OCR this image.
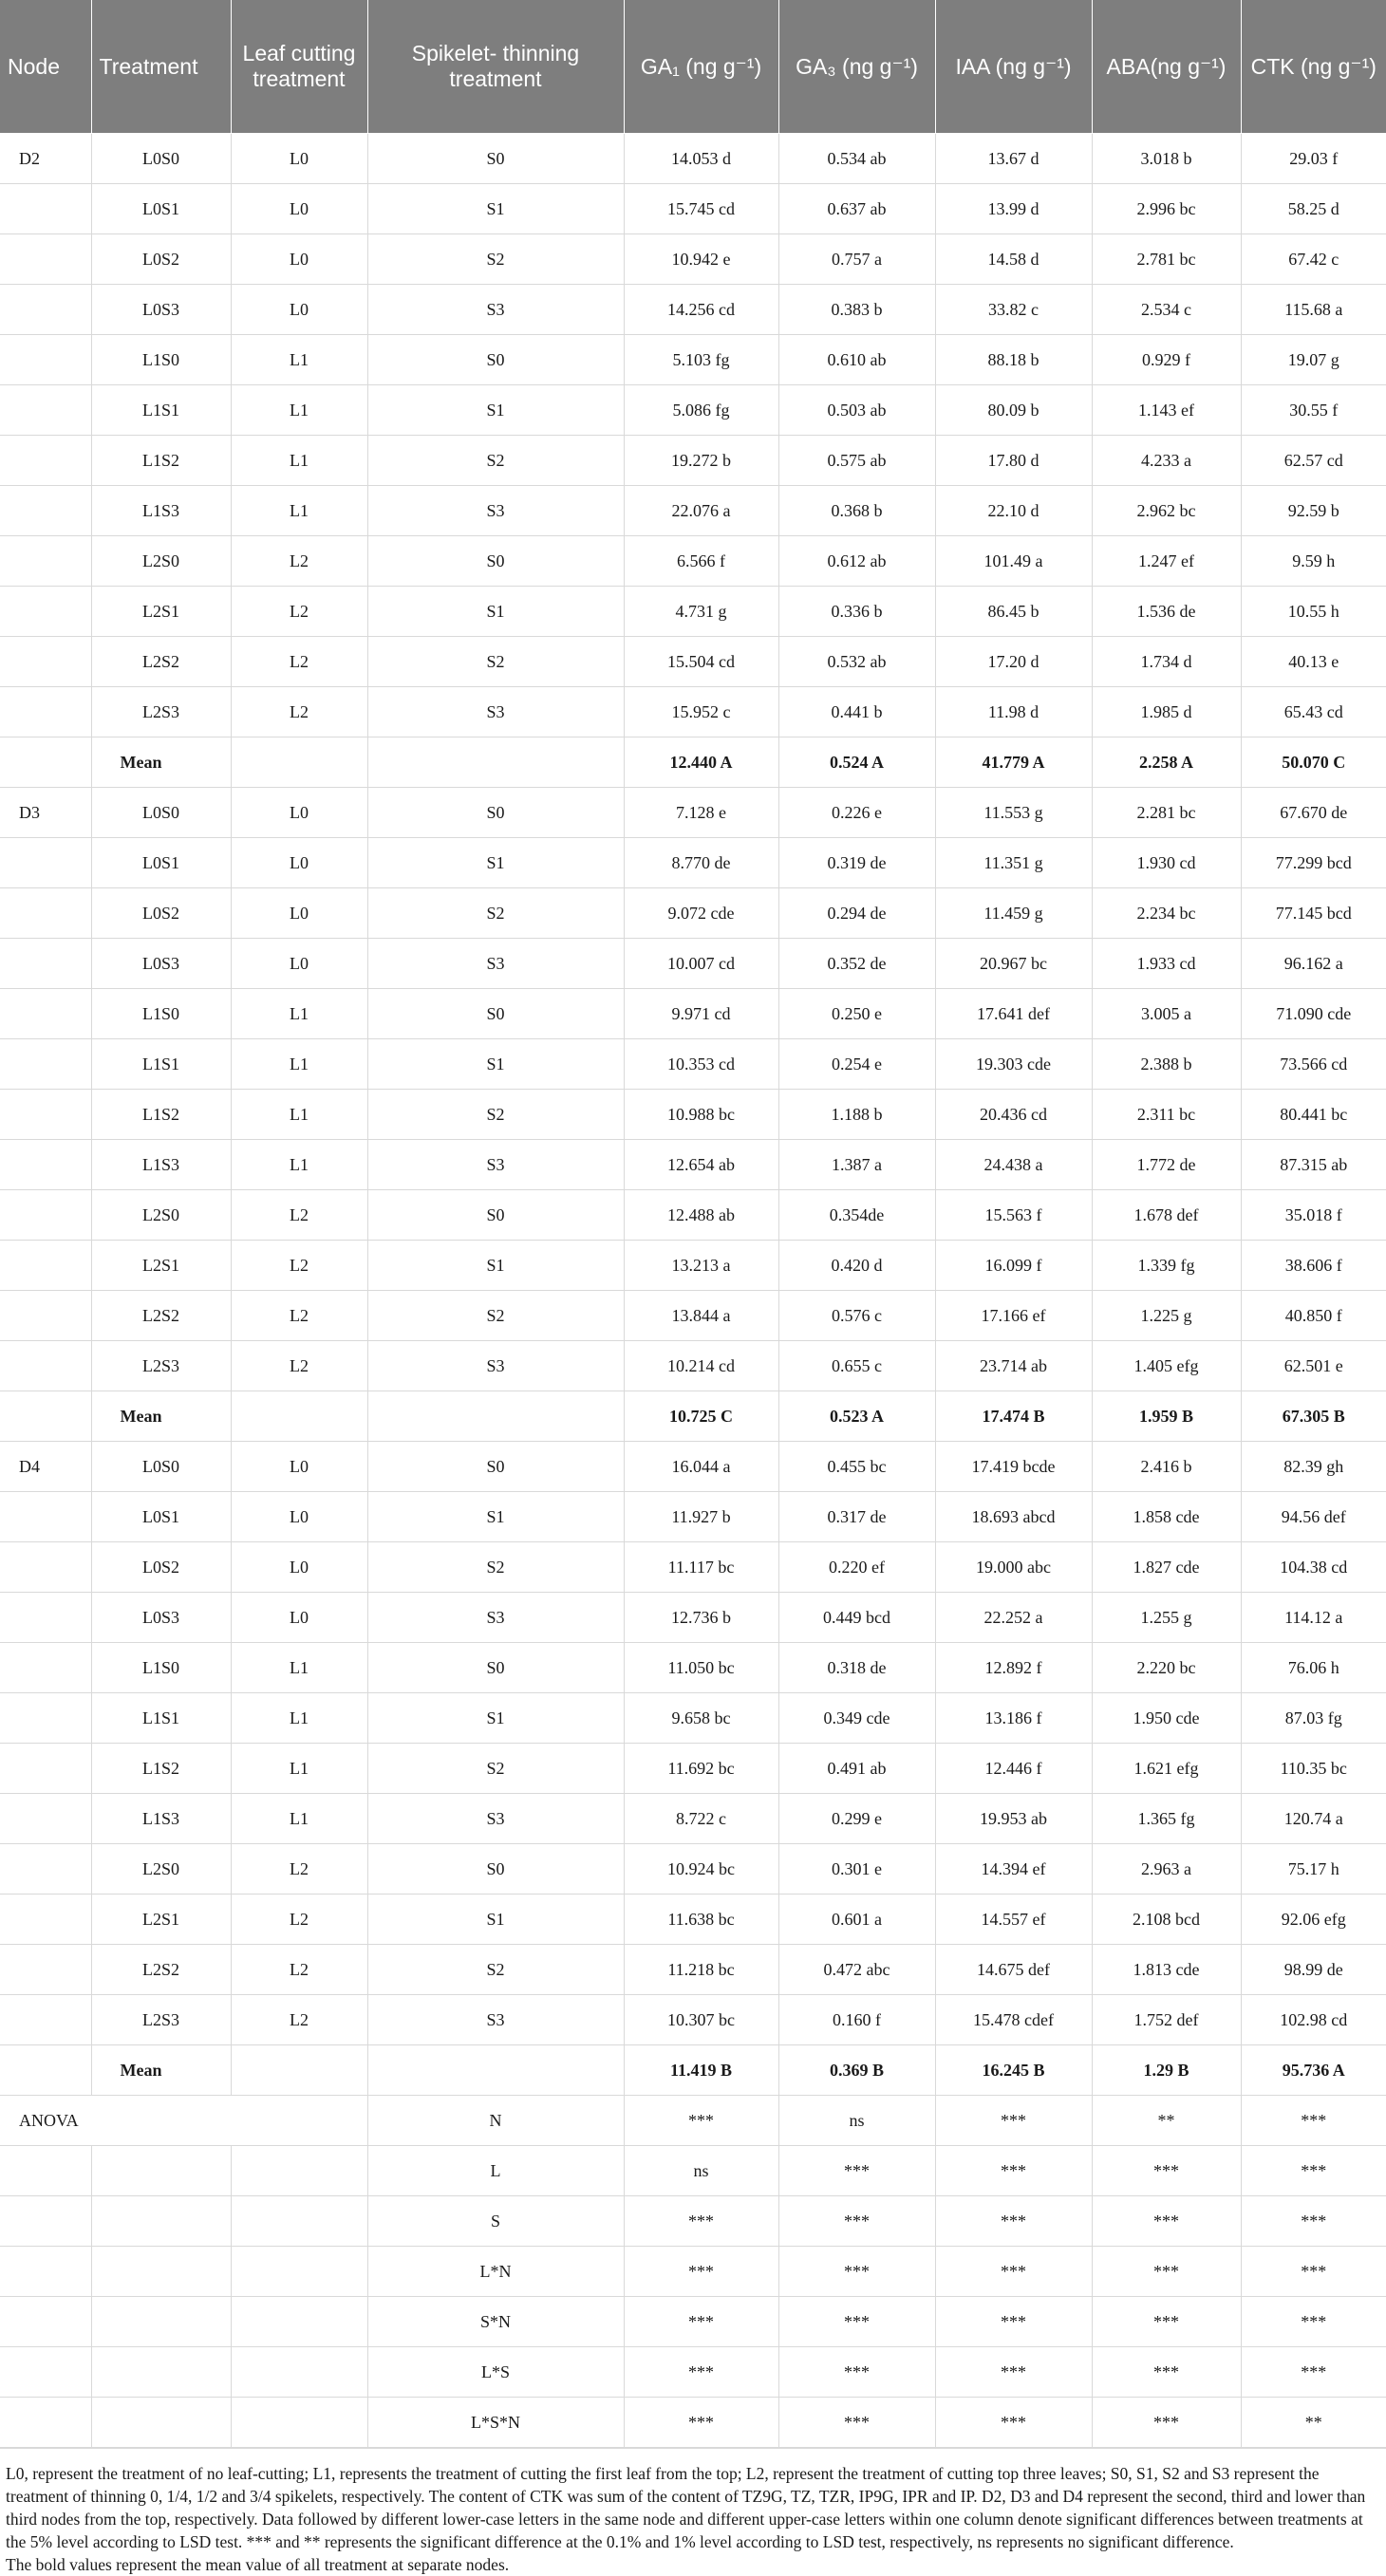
Node	Treatment	Leaf cutting treatment	Spikelet- thinning treatment	GA₁ (ng g⁻¹)	GA₃ (ng g⁻¹)	IAA (ng g⁻¹)	ABA(ng g⁻¹)	CTK (ng g⁻¹)
D2	L0S0	L0	S0	14.053 d	0.534 ab	13.67 d	3.018 b	29.03 f
	L0S1	L0	S1	15.745 cd	0.637 ab	13.99 d	2.996 bc	58.25 d
	L0S2	L0	S2	10.942 e	0.757 a	14.58 d	2.781 bc	67.42 c
	L0S3	L0	S3	14.256 cd	0.383 b	33.82 c	2.534 c	115.68 a
	L1S0	L1	S0	5.103 fg	0.610 ab	88.18 b	0.929 f	19.07 g
	L1S1	L1	S1	5.086 fg	0.503 ab	80.09 b	1.143 ef	30.55 f
	L1S2	L1	S2	19.272 b	0.575 ab	17.80 d	4.233 a	62.57 cd
	L1S3	L1	S3	22.076 a	0.368 b	22.10 d	2.962 bc	92.59 b
	L2S0	L2	S0	6.566 f	0.612 ab	101.49 a	1.247 ef	9.59 h
	L2S1	L2	S1	4.731 g	0.336 b	86.45 b	1.536 de	10.55 h
	L2S2	L2	S2	15.504 cd	0.532 ab	17.20 d	1.734 d	40.13 e
	L2S3	L2	S3	15.952 c	0.441 b	11.98 d	1.985 d	65.43 cd
	Mean			12.440 A	0.524 A	41.779 A	2.258 A	50.070 C
D3	L0S0	L0	S0	7.128 e	0.226 e	11.553 g	2.281 bc	67.670 de
	L0S1	L0	S1	8.770 de	0.319 de	11.351 g	1.930 cd	77.299 bcd
	L0S2	L0	S2	9.072 cde	0.294 de	11.459 g	2.234 bc	77.145 bcd
	L0S3	L0	S3	10.007 cd	0.352 de	20.967 bc	1.933 cd	96.162 a
	L1S0	L1	S0	9.971 cd	0.250 e	17.641 def	3.005 a	71.090 cde
	L1S1	L1	S1	10.353 cd	0.254 e	19.303 cde	2.388 b	73.566 cd
	L1S2	L1	S2	10.988 bc	1.188 b	20.436 cd	2.311 bc	80.441 bc
	L1S3	L1	S3	12.654 ab	1.387 a	24.438 a	1.772 de	87.315 ab
	L2S0	L2	S0	12.488 ab	0.354de	15.563 f	1.678 def	35.018 f
	L2S1	L2	S1	13.213 a	0.420 d	16.099 f	1.339 fg	38.606 f
	L2S2	L2	S2	13.844 a	0.576 c	17.166 ef	1.225 g	40.850 f
	L2S3	L2	S3	10.214 cd	0.655 c	23.714 ab	1.405 efg	62.501 e
	Mean			10.725 C	0.523 A	17.474 B	1.959 B	67.305 B
D4	L0S0	L0	S0	16.044 a	0.455 bc	17.419 bcde	2.416 b	82.39 gh
	L0S1	L0	S1	11.927 b	0.317 de	18.693 abcd	1.858 cde	94.56 def
	L0S2	L0	S2	11.117 bc	0.220 ef	19.000 abc	1.827 cde	104.38 cd
	L0S3	L0	S3	12.736 b	0.449 bcd	22.252 a	1.255 g	114.12 a
	L1S0	L1	S0	11.050 bc	0.318 de	12.892 f	2.220 bc	76.06 h
	L1S1	L1	S1	9.658 bc	0.349 cde	13.186 f	1.950 cde	87.03 fg
	L1S2	L1	S2	11.692 bc	0.491 ab	12.446 f	1.621 efg	110.35 bc
	L1S3	L1	S3	8.722 c	0.299 e	19.953 ab	1.365 fg	120.74 a
	L2S0	L2	S0	10.924 bc	0.301 e	14.394 ef	2.963 a	75.17 h
	L2S1	L2	S1	11.638 bc	0.601 a	14.557 ef	2.108 bcd	92.06 efg
	L2S2	L2	S2	11.218 bc	0.472 abc	14.675 def	1.813 cde	98.99 de
	L2S3	L2	S3	10.307 bc	0.160 f	15.478 cdef	1.752 def	102.98 cd
	Mean			11.419 B	0.369 B	16.245 B	1.29 B	95.736 A
ANOVA			N	***	ns	***	**	***
			L	ns	***	***	***	***
			S	***	***	***	***	***
			L*N	***	***	***	***	***
			S*N	***	***	***	***	***
			L*S	***	***	***	***	***
			L*S*N	***	***	***	***	**

L0, represent the treatment of no leaf-cutting; L1, represents the treatment of cutting the first leaf from the top; L2, represent the treatment of cutting top three leaves; S0, S1, S2 and S3 represent the treatment of thinning 0, 1/4, 1/2 and 3/4 spikelets, respectively. The content of CTK was sum of the content of TZ9G, TZ, TZR, IP9G, IPR and IP. D2, D3 and D4 represent the second, third and lower than third nodes from the top, respectively. Data followed by different lower-case letters in the same node and different upper-case letters within one column denote significant differences between treatments at the 5% level according to LSD test. *** and ** represents the significant difference at the 0.1% and 1% level according to LSD test, respectively, ns represents no significant difference.

The bold values represent the mean value of all treatment at separate nodes.
